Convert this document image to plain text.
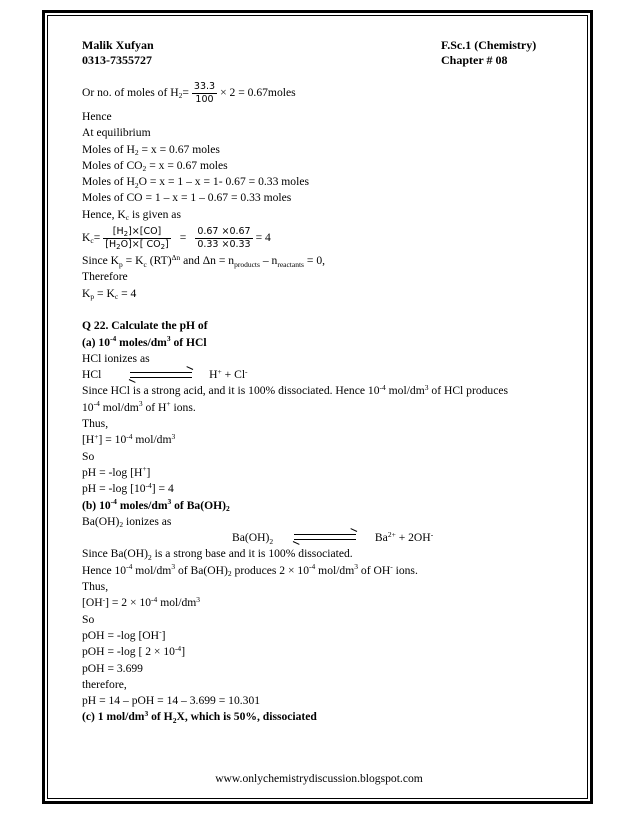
Malik Xufyan
0313-7355727
F.Sc.1 (Chemistry)
Chapter # 08
Or no. of moles of $H_2 = \frac{33.3}{100} \times 2$ = 0.67moles
Hence
At equilibrium
Moles of $H_2 = x = 0.67$ moles
Moles of $CO_2 = x = 0.67$ moles
Moles of $H_2O = x = 1 - x = 1-$ 0.67 = 0.33 moles
Moles of CO = 1 – x = 1 – 0.67 = 0.33 moles
Hence, $K_c$ is given as
$K_c = \frac{[H_2]\times[CO]}{[H_2O]\times[ CO_2]} = \frac{0.67 \times 0.67}{0.33 \times 0.33} = 4$
Since $K_p = K_c$ (RT)$^{\Delta n}$ and $\Delta n = n_{products} - n_{reactants} = 0$,
Therefore
$K_p = K_c = 4$
Q 22. Calculate the pH of
(a) $10^{-4}$ moles/$dm^3$ of HCl
HCl ionizes as
HCl	H+ + Cl-
Since HCl is a strong acid, and it is 100% dissociated. Hence $10^{-4}$ mol/$dm^3$ of HCl produces
$10^{-4}$ mol/$dm^3$ of H+ ions.
Thus,
$[H^+] = 10^{-4}$ mol/$dm^3$
So
pH = -log [H+]
pH = -log $[10^{-4}] = 4$
(b) $10^{-4}$ moles/$dm^3$ of $Ba(OH)_2$
$Ba(OH)_2$ ionizes as
$Ba(OH)_2$	$Ba^{2+} + 2OH^-$
Since $Ba(OH)_2$ is a strong base and it is 100% dissociated.
Hence $10^{-4}$ mol/$dm^3$ of $Ba(OH)_2$ produces $2 \times 10^{-4}$ mol/$dm^3$ of OH- ions.
Thus,
$[OH^-] = 2 \times 10^{-4}$ mol/$dm^3$
So
pOH = -log [OH-]
pOH = -log [ $2 \times 10^{-4}$]
pOH = 3.699
therefore,
pH = 14 – pOH = 14 – 3.699 = 10.301
(c) 1 mol/$dm^3$ of $H_2X$, which is 50%, dissociated
www.onlychemistrydiscussion.blogspot.com
